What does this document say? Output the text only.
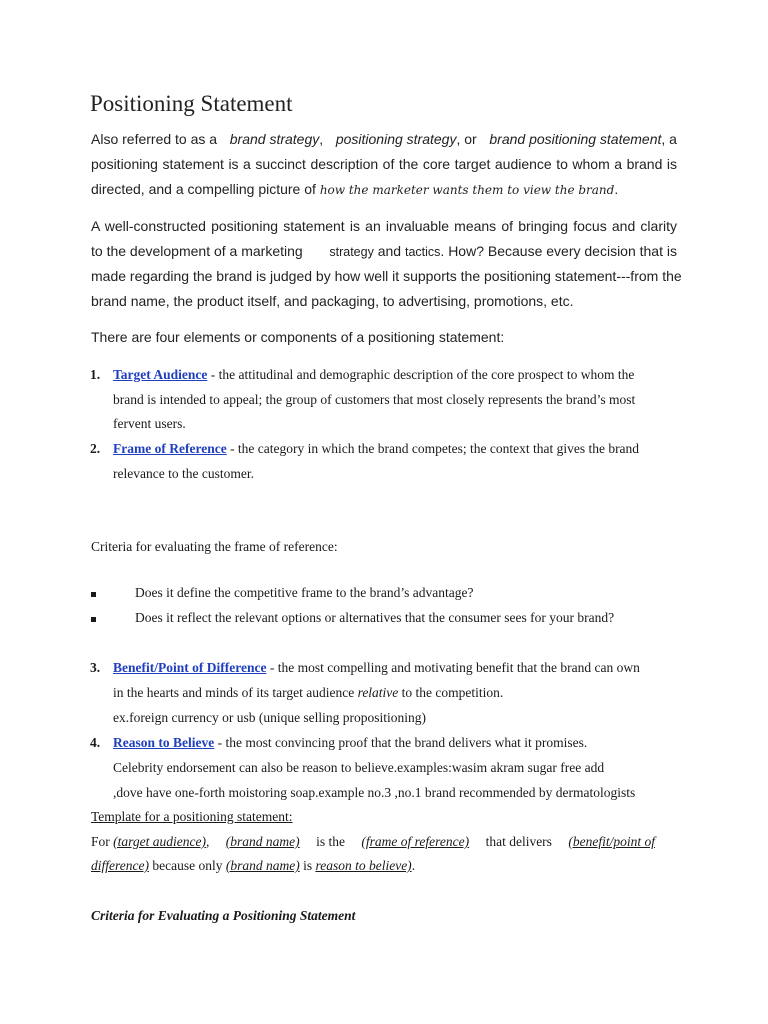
Positioning Statement
Also referred to as a brand strategy, positioning strategy, or brand positioning statement, a
positioning statement is a succinct description of the core target audience to whom a brand is
directed, and a compelling picture of how the marketer wants them to view the brand.
A well-constructed positioning statement is an invaluable means of bringing focus and clarity
to the development of a marketing strategy and tactics. How? Because every decision that is
made regarding the brand is judged by how well it supports the positioning statement---from the
brand name, the product itself, and packaging, to advertising, promotions, etc.
There are four elements or components of a positioning statement:
1. Target Audience - the attitudinal and demographic description of the core prospect to whom the
brand is intended to appeal; the group of customers that most closely represents the brand’s most
fervent users.
2. Frame of Reference - the category in which the brand competes; the context that gives the brand
relevance to the customer.
Criteria for evaluating the frame of reference:
Does it define the competitive frame to the brand’s advantage?
Does it reflect the relevant options or alternatives that the consumer sees for your brand?
3. Benefit/Point of Difference - the most compelling and motivating benefit that the brand can own
in the hearts and minds of its target audience relative to the competition.
ex.foreign currency or usb (unique selling propositioning)
4. Reason to Believe - the most convincing proof that the brand delivers what it promises.
Celebrity endorsement can also be reason to believe.examples:wasim akram sugar free add
,dove have one-forth moistoring soap.example no.3 ,no.1 brand recommended by dermatologists
Template for a positioning statement:
For (target audience), (brand name) is the (frame of reference) that delivers (benefit/point of
difference) because only (brand name) is reason to believe).
Criteria for Evaluating a Positioning Statement
